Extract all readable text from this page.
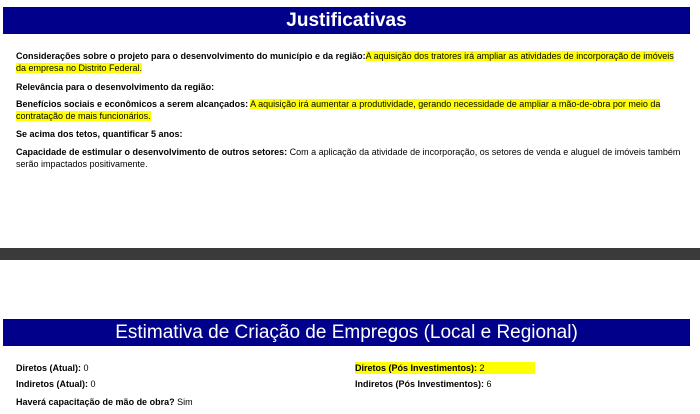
Justificativas
Considerações sobre o projeto para o desenvolvimento do município e da região:A aquisição dos tratores irá ampliar as atividades de incorporação de imóveis da empresa no Distrito Federal.
Relevância para o desenvolvimento da região:
Benefícios sociais e econômicos a serem alcançados: A aquisição irá aumentar a produtividade, gerando necessidade de ampliar a mão-de-obra por meio da contratação de mais funcionários.
Se acima dos tetos, quantificar 5 anos:
Capacidade de estimular o desenvolvimento de outros setores: Com a aplicação da atividade de incorporação, os setores de venda e aluguel de imóveis também serão impactados positivamente.
Estimativa de Criação de Empregos (Local e Regional)
Diretos (Atual): 0
Indiretos (Atual): 0
Haverá capacitação de mão de obra? Sim
Diretos (Pós Investimentos): 2
Indiretos (Pós Investimentos): 6
